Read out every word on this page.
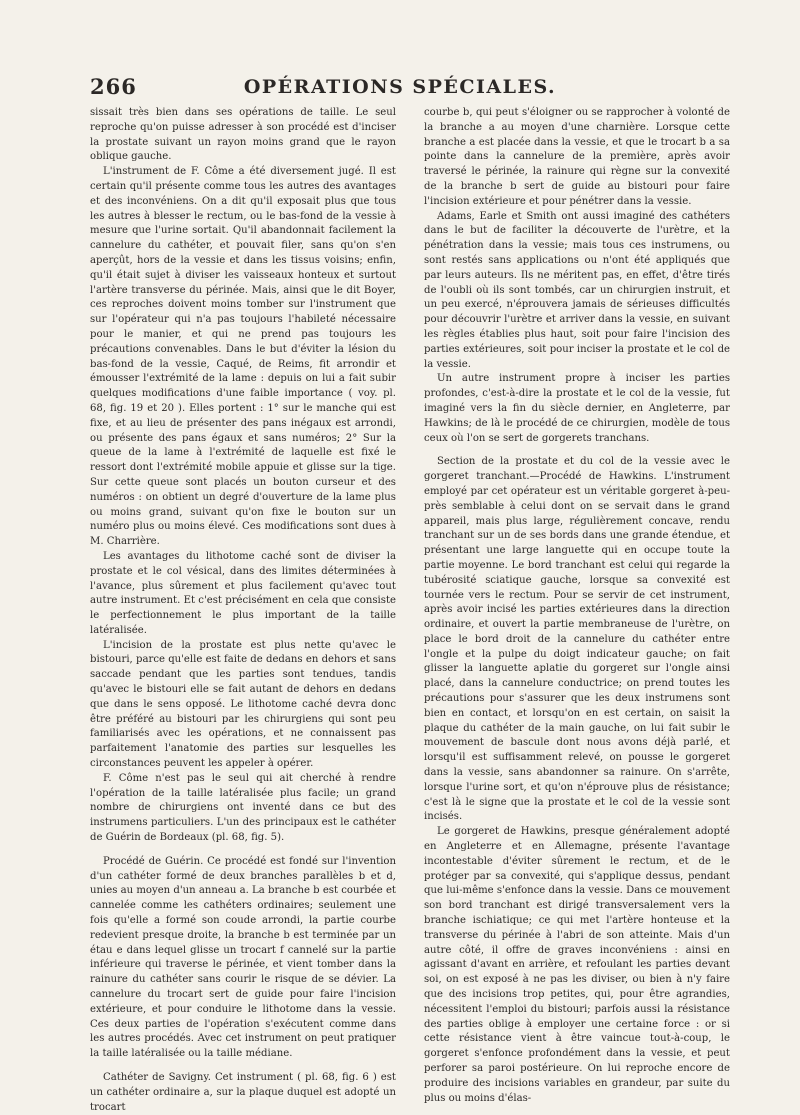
266	OPÉRATIONS SPÉCIALES.

sissait très bien dans ses opérations de taille. Le seul reproche qu'on puisse adresser à son procédé est d'inciser la prostate suivant un rayon moins grand que le rayon oblique gauche.

L'instrument de F. Côme a été diversement jugé. Il est certain qu'il présente comme tous les autres des avantages et des inconvéniens. On a dit qu'il exposait plus que tous les autres à blesser le rectum, ou le bas-fond de la vessie à mesure que l'urine sortait. Qu'il abandonnait facilement la cannelure du cathéter, et pouvait filer, sans qu'on s'en aperçût, hors de la vessie et dans les tissus voisins; enfin, qu'il était sujet à diviser les vaisseaux honteux et surtout l'artère transverse du périnée. Mais, ainsi que le dit Boyer, ces reproches doivent moins tomber sur l'instrument que sur l'opérateur qui n'a pas toujours l'habileté nécessaire pour le manier, et qui ne prend pas toujours les précautions convenables. Dans le but d'éviter la lésion du bas-fond de la vessie, Caqué, de Reims, fit arrondir et émousser l'extrémité de la lame : depuis on lui a fait subir quelques modifications d'une faible importance ( voy. pl. 68, fig. 19 et 20 ). Elles portent : 1° sur le manche qui est fixe, et au lieu de présenter des pans inégaux est arrondi, ou présente des pans égaux et sans numéros; 2° Sur la queue de la lame à l'extrémité de laquelle est fixé le ressort dont l'extrémité mobile appuie et glisse sur la tige. Sur cette queue sont placés un bouton curseur et des numéros : on obtient un degré d'ouverture de la lame plus ou moins grand, suivant qu'on fixe le bouton sur un numéro plus ou moins élevé. Ces modifications sont dues à M. Charrière.

Les avantages du lithotome caché sont de diviser la prostate et le col vésical, dans des limites déterminées à l'avance, plus sûrement et plus facilement qu'avec tout autre instrument. Et c'est précisément en cela que consiste le perfectionnement le plus important de la taille latéralisée.

L'incision de la prostate est plus nette qu'avec le bistouri, parce qu'elle est faite de dedans en dehors et sans saccade pendant que les parties sont tendues, tandis qu'avec le bistouri elle se fait autant de dehors en dedans que dans le sens opposé. Le lithotome caché devra donc être préféré au bistouri par les chirurgiens qui sont peu familiarisés avec les opérations, et ne connaissent pas parfaitement l'anatomie des parties sur lesquelles les circonstances peuvent les appeler à opérer.

F. Côme n'est pas le seul qui ait cherché à rendre l'opération de la taille latéralisée plus facile; un grand nombre de chirurgiens ont inventé dans ce but des instrumens particuliers. L'un des principaux est le cathéter de Guérin de Bordeaux (pl. 68, fig. 5).

Procédé de Guérin. Ce procédé est fondé sur l'invention d'un cathéter formé de deux branches parallèles b et d, unies au moyen d'un anneau a. La branche b est courbée et cannelée comme les cathéters ordinaires; seulement une fois qu'elle a formé son coude arrondi, la partie courbe redevient presque droite, la branche b est terminée par un étau e dans lequel glisse un trocart f cannelé sur la partie inférieure qui traverse le périnée, et vient tomber dans la rainure du cathéter sans courir le risque de se dévier. La cannelure du trocart sert de guide pour faire l'incision extérieure, et pour conduire le lithotome dans la vessie. Ces deux parties de l'opération s'exécutent comme dans les autres procédés. Avec cet instrument on peut pratiquer la taille latéralisée ou la taille médiane.

Cathéter de Savigny. Cet instrument ( pl. 68, fig. 6 ) est un cathéter ordinaire a, sur la plaque duquel est adopté un trocart

courbe b, qui peut s'éloigner ou se rapprocher à volonté de la branche a au moyen d'une charnière. Lorsque cette branche a est placée dans la vessie, et que le trocart b a sa pointe dans la cannelure de la première, après avoir traversé le périnée, la rainure qui règne sur la convexité de la branche b sert de guide au bistouri pour faire l'incision extérieure et pour pénétrer dans la vessie.

Adams, Earle et Smith ont aussi imaginé des cathéters dans le but de faciliter la découverte de l'urètre, et la pénétration dans la vessie; mais tous ces instrumens, ou sont restés sans applications ou n'ont été appliqués que par leurs auteurs. Ils ne méritent pas, en effet, d'être tirés de l'oubli où ils sont tombés, car un chirurgien instruit, et un peu exercé, n'éprouvera jamais de sérieuses difficultés pour découvrir l'urètre et arriver dans la vessie, en suivant les règles établies plus haut, soit pour faire l'incision des parties extérieures, soit pour inciser la prostate et le col de la vessie.

Un autre instrument propre à inciser les parties profondes, c'est-à-dire la prostate et le col de la vessie, fut imaginé vers la fin du siècle dernier, en Angleterre, par Hawkins; de là le procédé de ce chirurgien, modèle de tous ceux où l'on se sert de gorgerets tranchans.

Section de la prostate et du col de la vessie avec le gorgeret tranchant.—Procédé de Hawkins. L'instrument employé par cet opérateur est un véritable gorgeret à-peu-près semblable à celui dont on se servait dans le grand appareil, mais plus large, régulièrement concave, rendu tranchant sur un de ses bords dans une grande étendue, et présentant une large languette qui en occupe toute la partie moyenne. Le bord tranchant est celui qui regarde la tubérosité sciatique gauche, lorsque sa convexité est tournée vers le rectum. Pour se servir de cet instrument, après avoir incisé les parties extérieures dans la direction ordinaire, et ouvert la partie membraneuse de l'urètre, on place le bord droit de la cannelure du cathéter entre l'ongle et la pulpe du doigt indicateur gauche; on fait glisser la languette aplatie du gorgeret sur l'ongle ainsi placé, dans la cannelure conductrice; on prend toutes les précautions pour s'assurer que les deux instrumens sont bien en contact, et lorsqu'on en est certain, on saisit la plaque du cathéter de la main gauche, on lui fait subir le mouvement de bascule dont nous avons déjà parlé, et lorsqu'il est suffisamment relevé, on pousse le gorgeret dans la vessie, sans abandonner sa rainure. On s'arrête, lorsque l'urine sort, et qu'on n'éprouve plus de résistance; c'est là le signe que la prostate et le col de la vessie sont incisés.

Le gorgeret de Hawkins, presque généralement adopté en Angleterre et en Allemagne, présente l'avantage incontestable d'éviter sûrement le rectum, et de le protéger par sa convexité, qui s'applique dessus, pendant que lui-même s'enfonce dans la vessie. Dans ce mouvement son bord tranchant est dirigé transversalement vers la branche ischiatique; ce qui met l'artère honteuse et la transverse du périnée à l'abri de son atteinte. Mais d'un autre côté, il offre de graves inconvéniens : ainsi en agissant d'avant en arrière, et refoulant les parties devant soi, on est exposé à ne pas les diviser, ou bien à n'y faire que des incisions trop petites, qui, pour être agrandies, nécessitent l'emploi du bistouri; parfois aussi la résistance des parties oblige à employer une certaine force : or si cette résistance vient à être vaincue tout-à-coup, le gorgeret s'enfonce profondément dans la vessie, et peut perforer sa paroi postérieure. On lui reproche encore de produire des incisions variables en grandeur, par suite du plus ou moins d'élas-
